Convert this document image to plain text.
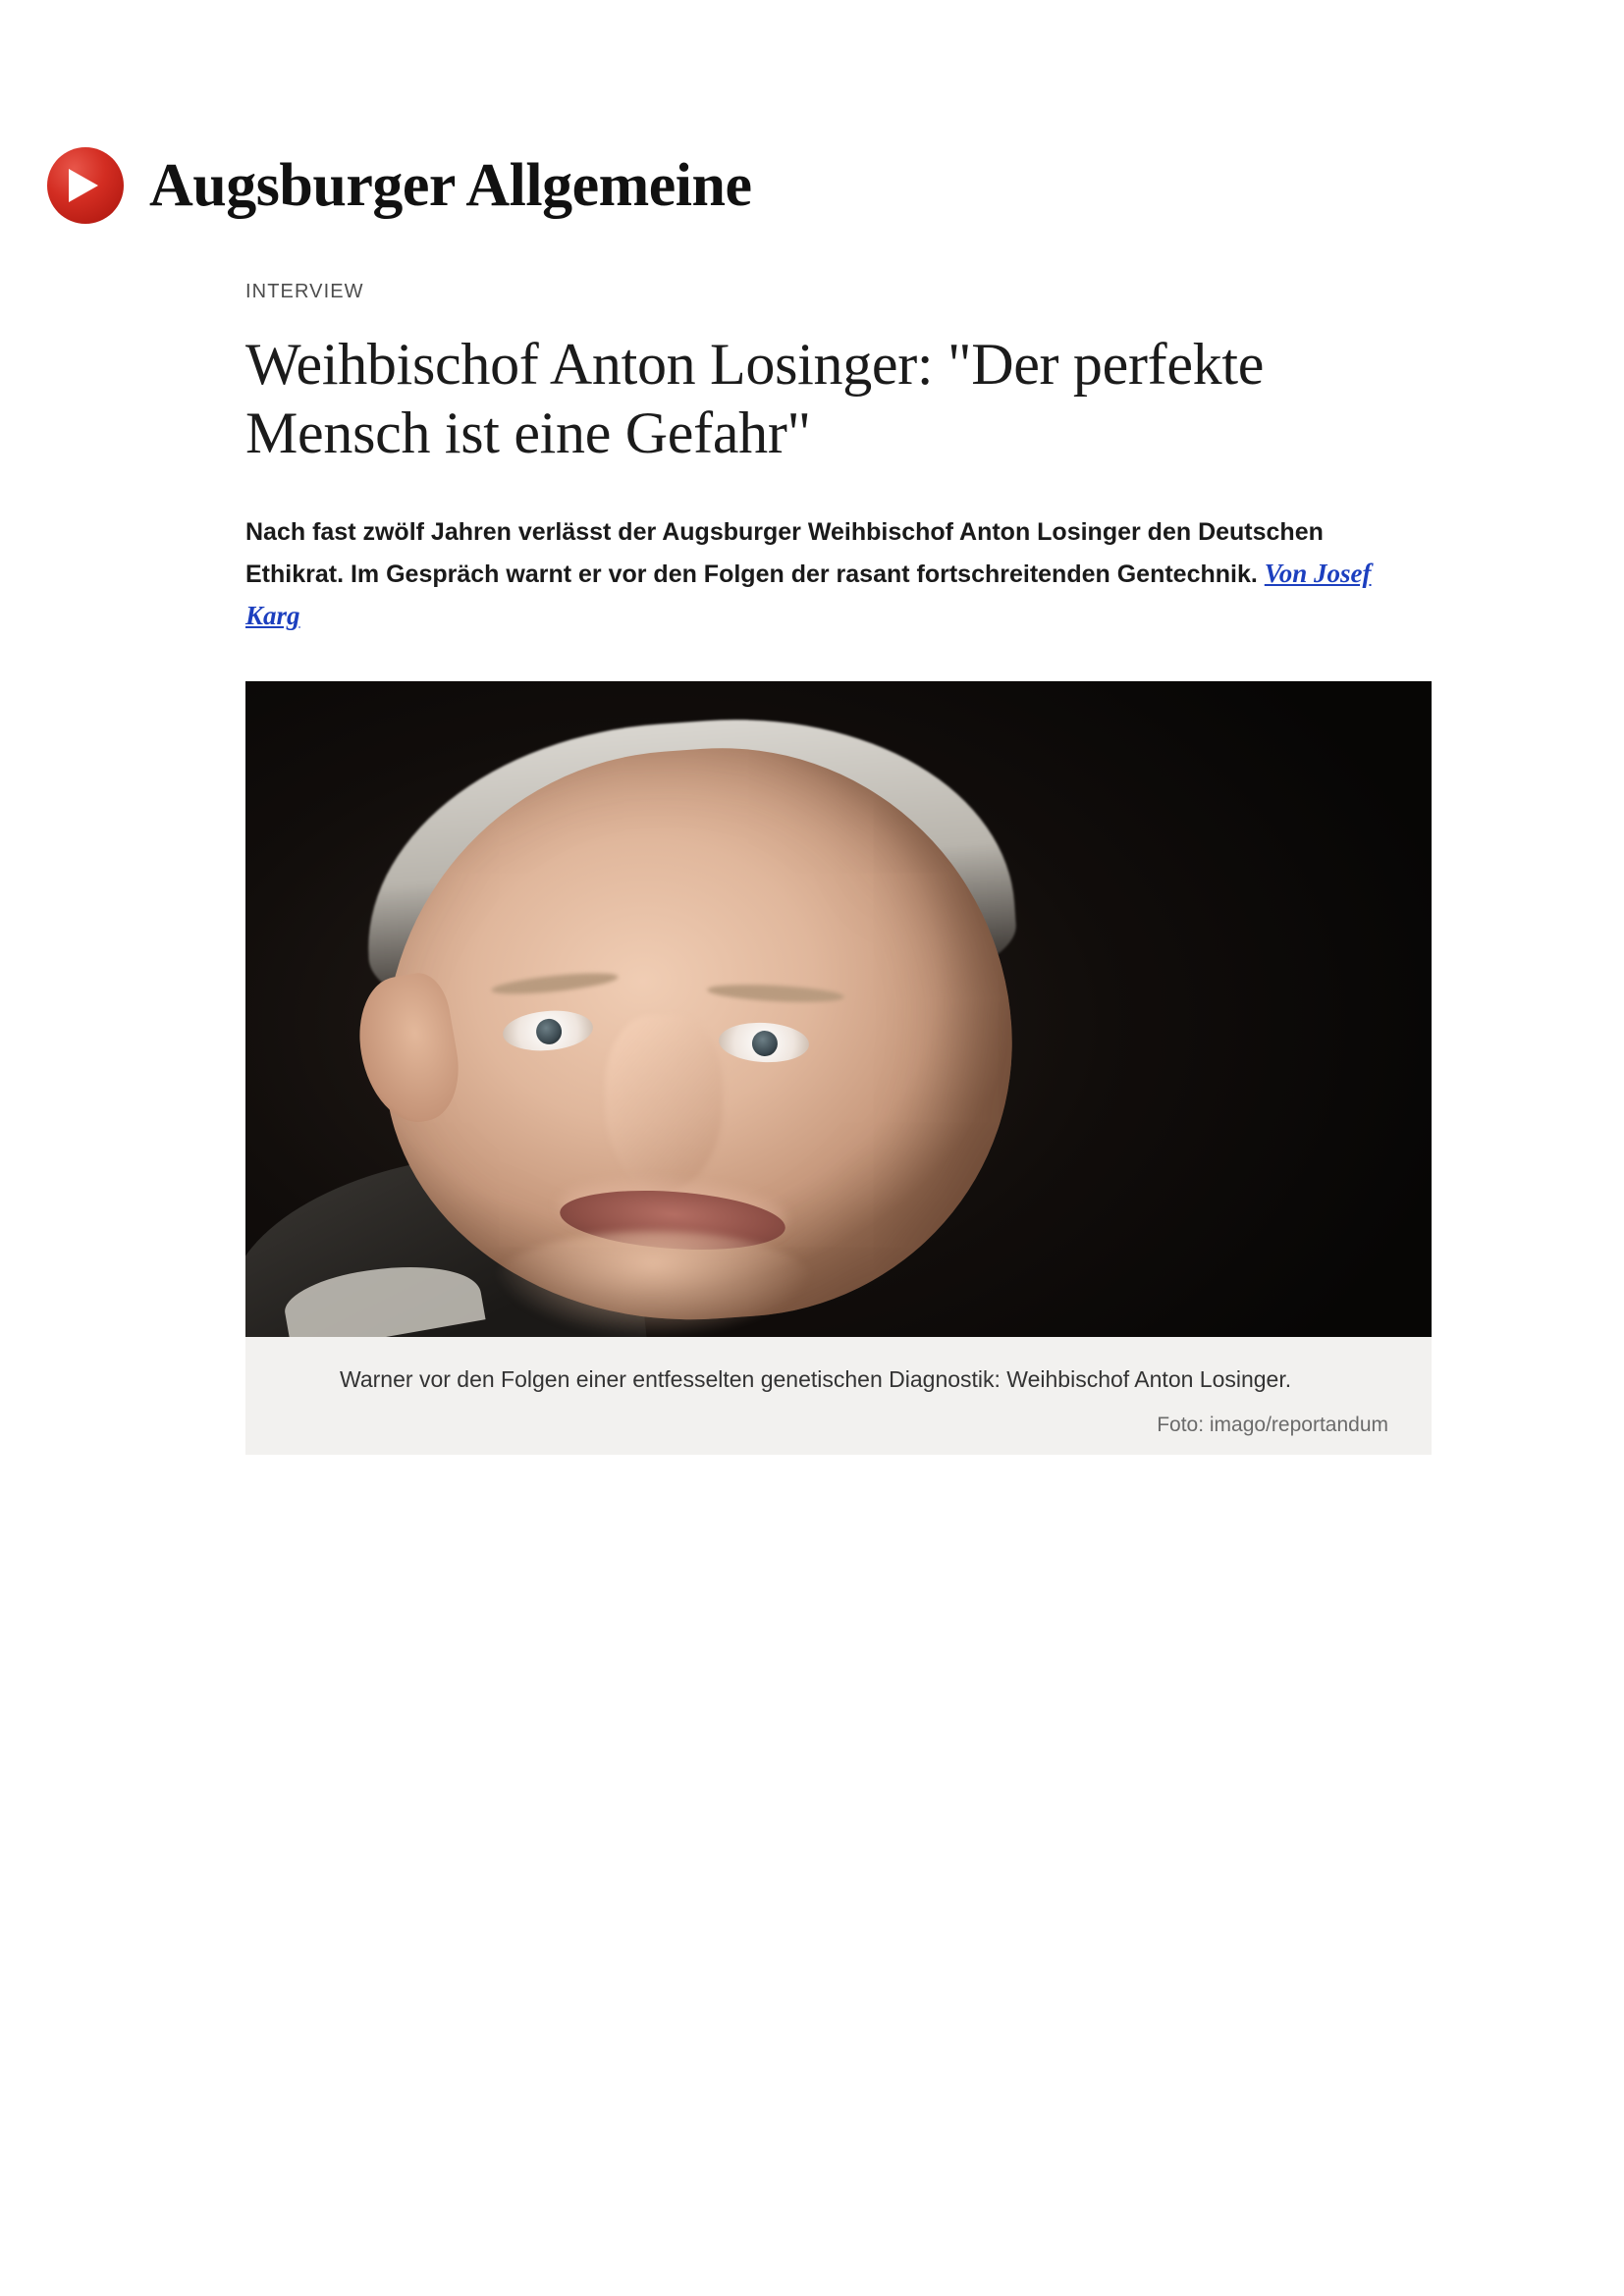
Augsburger Allgemeine
INTERVIEW
Weihbischof Anton Losinger: "Der perfekte Mensch ist eine Gefahr"

Nach fast zwölf Jahren verlässt der Augsburger Weihbischof Anton Losinger den Deutschen Ethikrat. Im Gespräch warnt er vor den Folgen der rasant fortschreitenden Gentechnik. Von Josef Karg

Warner vor den Folgen einer entfesselten genetischen Diagnostik: Weihbischof Anton Losinger.

Foto: imago/reportandum
